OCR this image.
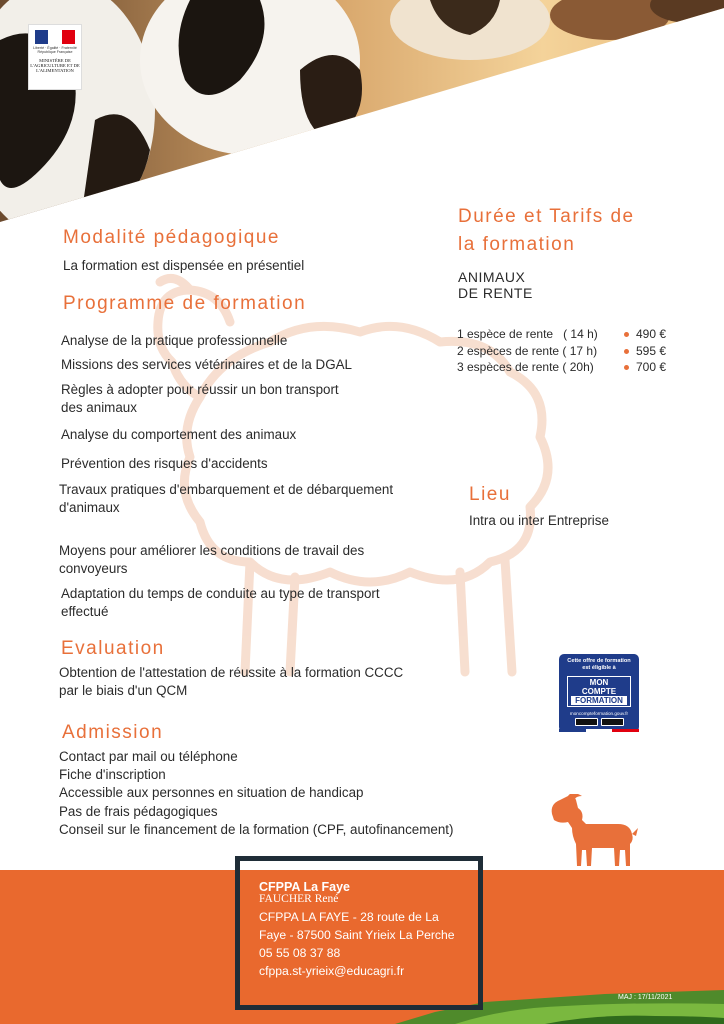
Liberté · Égalité · Fraternité
République Française
MINISTÈRE DE L'AGRICULTURE ET DE L'ALIMENTATION
Modalité pédagogique
La formation est dispensée en présentiel
Programme de formation
Analyse de la pratique professionnelle
Missions des services vétérinaires et de la DGAL
Règles à adopter pour réussir un bon transport
des animaux
Analyse du comportement des animaux
Prévention des risques d'accidents
Travaux pratiques d'embarquement et de débarquement
d'animaux
Moyens pour améliorer les conditions de travail des
convoyeurs
Adaptation du temps de conduite au type de transport
effectué
Evaluation
Obtention de l'attestation de réussite à la formation CCCC
par le biais d'un QCM
Admission
Contact par mail ou téléphone
Fiche d'inscription
Accessible aux personnes en situation de handicap
Pas de frais pédagogiques
Conseil sur le financement de la formation (CPF, autofinancement)
Durée et Tarifs de
la formation
ANIMAUX
DE RENTE
1 espèce de rente   ( 14 h)	490 €
2 espèces de rente ( 17 h)	595 €
3 espèces de rente ( 20h)	700 €
Lieu
Intra ou inter Entreprise
Cette offre de formation
est éligible à
MON
COMPTE
FORMATION
moncompteformation.gouv.fr
CFPPA La Faye
FAUCHER René
CFPPA LA FAYE - 28 route de La
Faye - 87500 Saint Yrieix La Perche
05 55 08 37 88
cfppa.st-yrieix@educagri.fr
MAJ : 17/11/2021
